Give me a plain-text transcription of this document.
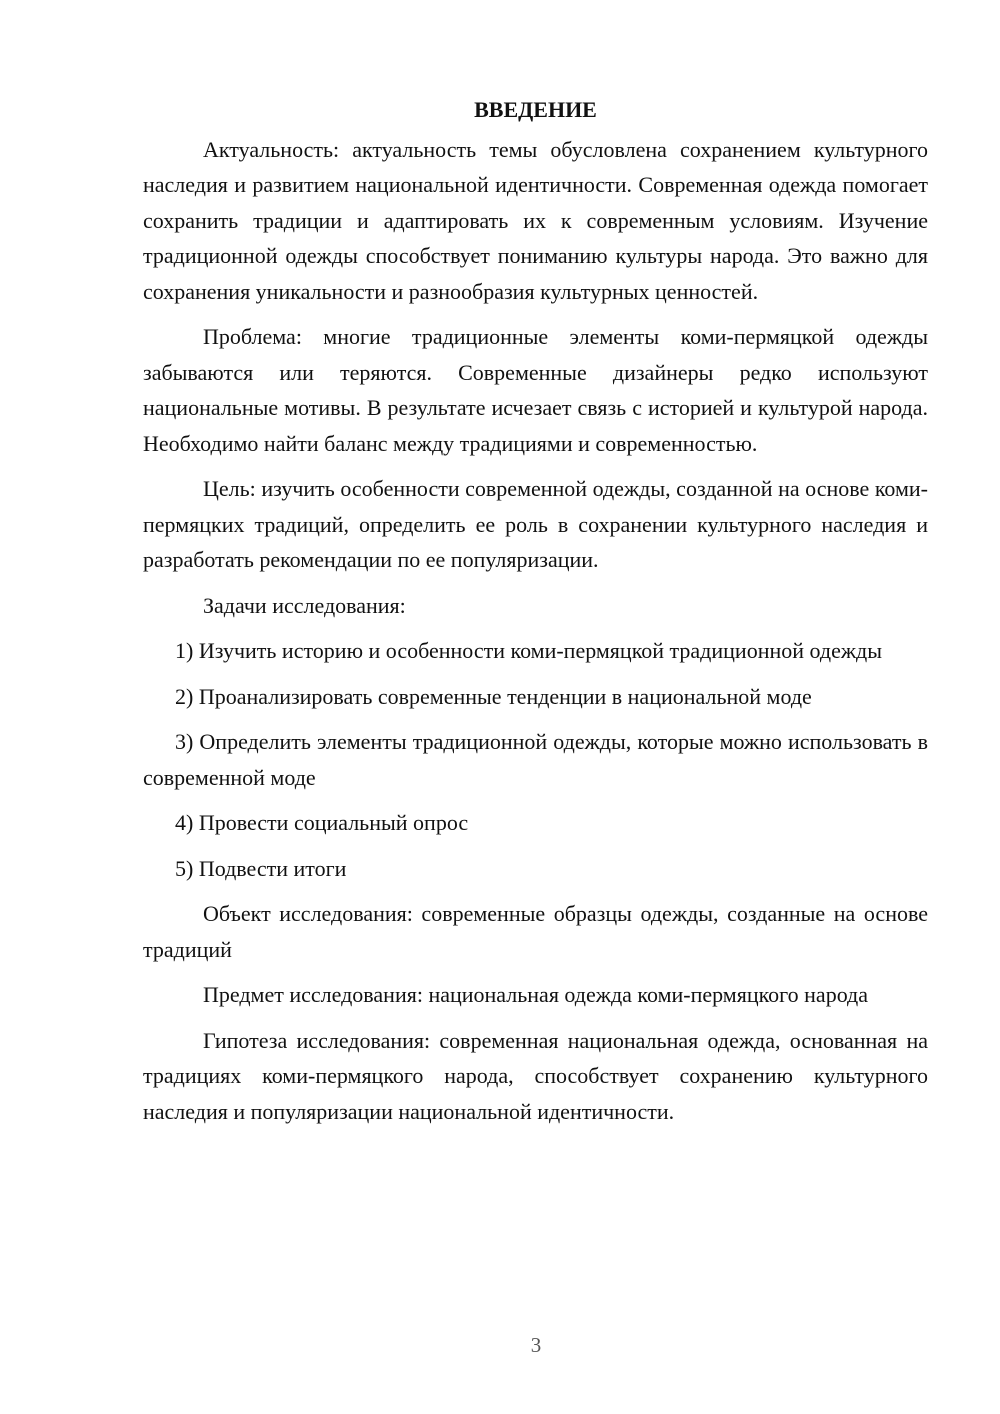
ВВЕДЕНИЕ

Актуальность: актуальность темы обусловлена сохранением культурного наследия и развитием национальной идентичности. Современная одежда помогает сохранить традиции и адаптировать их к современным условиям. Изучение традиционной одежды способствует пониманию культуры народа. Это важно для сохранения уникальности и разнообразия культурных ценностей.

Проблема: многие традиционные элементы коми-пермяцкой одежды забываются или теряются. Современные дизайнеры редко используют национальные мотивы. В результате исчезает связь с историей и культурой народа. Необходимо найти баланс между традициями и современностью.

Цель: изучить особенности современной одежды, созданной на основе коми-пермяцких традиций, определить ее роль в сохранении культурного наследия и разработать рекомендации по ее популяризации.

Задачи исследования:

1) Изучить историю и особенности коми-пермяцкой традиционной одежды

2) Проанализировать современные тенденции в национальной моде

3) Определить элементы традиционной одежды, которые можно использовать в современной моде

4) Провести социальный опрос

5) Подвести итоги

Объект исследования: современные образцы одежды, созданные на основе традиций

Предмет исследования: национальная одежда коми-пермяцкого народа

Гипотеза исследования: современная национальная одежда, основанная на традициях коми-пермяцкого народа, способствует сохранению культурного наследия и популяризации национальной идентичности.

3
